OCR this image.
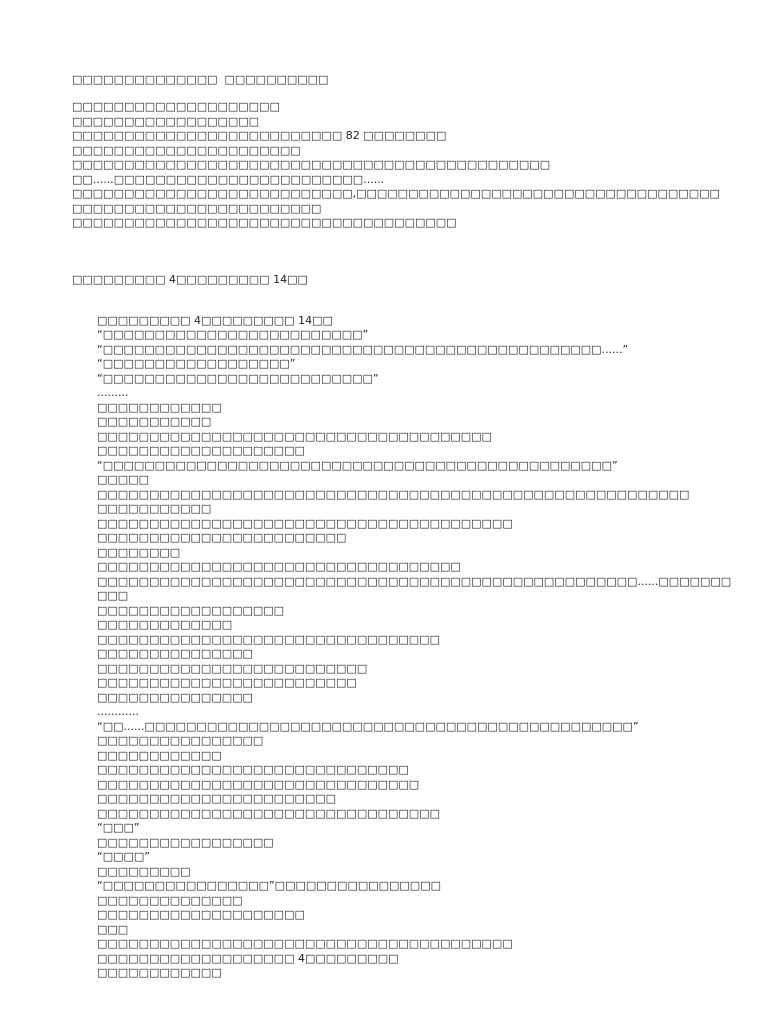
□□□□□□□□□□□□□□  □□□□□□□□□□
□□□□□□□□□□□□□□□□□□□□
□□□□□□□□□□□□□□□□□□
□□□□□□□□□□□□□□□□□□□□□□□□□□ 82 □□□□□□□□
□□□□□□□□□□□□□□□□□□□□□□
□□□□□□□□□□□□□□□□□□□□□□□□□□□□□□□□□□□□□□□□□□□□□□
□□......□□□□□□□□□□□□□□□□□□□□□□□□......
□□□□□□□□□□□□□□□□□□□□□□□□□□□,□□□□□□□□□□□□□□□□□□□□□□□□□□□□□□□□□□□
□□□□□□□□□□□□□□□□□□□□□□□□
□□□□□□□□□□□□□□□□□□□□□□□□□□□□□□□□□□□□□

□□□□□□□□□ 4□□□□□□□□□ 14□□

□□□□□□□□□ 4□□□□□□□□□ 14□□
“□□□□□□□□□□□□□□□□□□□□□□□□□”
“□□□□□□□□□□□□□□□□□□□□□□□□□□□□□□□□□□□□□□□□□□□□□□□□......”
“□□□□□□□□□□□□□□□□□□”
“□□□□□□□□□□□□□□□□□□□□□□□□□□”
.........
□□□□□□□□□□□□
□□□□□□□□□□□
□□□□□□□□□□□□□□□□□□□□□□□□□□□□□□□□□□□□□□
□□□□□□□□□□□□□□□□□□□□
“□□□□□□□□□□□□□□□□□□□□□□□□□□□□□□□□□□□□□□□□□□□□□□□□□”
□□□□□
□□□□□□□□□□□□□□□□□□□□□□□□□□□□□□□□□□□□□□□□□□□□□□□□□□□□□□□□□
□□□□□□□□□□□
□□□□□□□□□□□□□□□□□□□□□□□□□□□□□□□□□□□□□□□□
□□□□□□□□□□□□□□□□□□□□□□□□
□□□□□□□□
□□□□□□□□□□□□□□□□□□□□□□□□□□□□□□□□□□□
□□□□□□□□□□□□□□□□□□□□□□□□□□□□□□□□□□□□□□□□□□□□□□□□□□□□......□□□□□□□
□□□
□□□□□□□□□□□□□□□□□□
□□□□□□□□□□□□□
□□□□□□□□□□□□□□□□□□□□□□□□□□□□□□□□□
□□□□□□□□□□□□□□□
□□□□□□□□□□□□□□□□□□□□□□□□□□
□□□□□□□□□□□□□□□□□□□□□□□□□
□□□□□□□□□□□□□□□
............
“□□......□□□□□□□□□□□□□□□□□□□□□□□□□□□□□□□□□□□□□□□□□□□□□□□”
□□□□□□□□□□□□□□□□
□□□□□□□□□□□□
□□□□□□□□□□□□□□□□□□□□□□□□□□□□□□
□□□□□□□□□□□□□□□□□□□□□□□□□□□□□□□
□□□□□□□□□□□□□□□□□□□□□□□
□□□□□□□□□□□□□□□□□□□□□□□□□□□□□□□□□
“□□□”
□□□□□□□□□□□□□□□□□
“□□□□”
□□□□□□□□□
“□□□□□□□□□□□□□□□□”□□□□□□□□□□□□□□□□
□□□□□□□□□□□□□□
□□□□□□□□□□□□□□□□□□□□
□□□
□□□□□□□□□□□□□□□□□□□□□□□□□□□□□□□□□□□□□□□□
□□□□□□□□□□□□□□□□□□□ 4□□□□□□□□□
□□□□□□□□□□□□
